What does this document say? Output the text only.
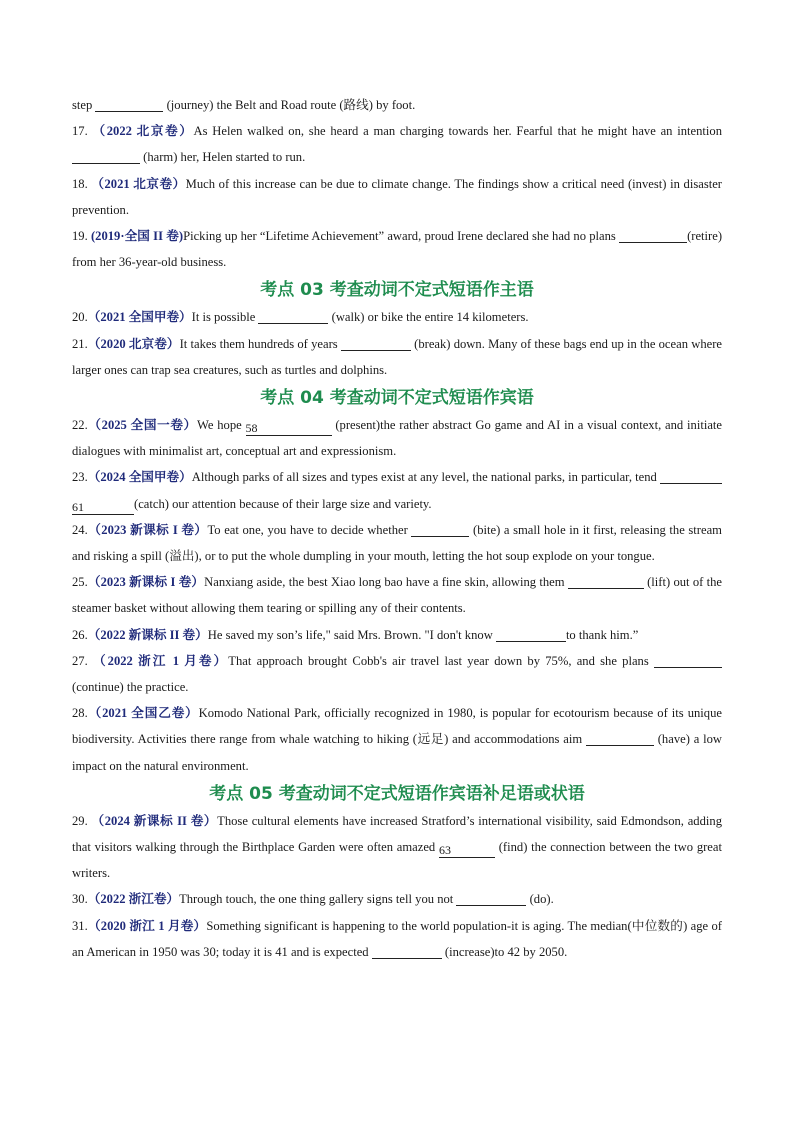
step	(journey) the Belt and Road route (路线) by foot.

17. （2022 北京卷）As Helen walked on, she heard a man charging towards her. Fearful that he might have an intention  (harm) her, Helen started to run.

18. （2021 北京卷）Much of this increase can be due to climate change. The findings show a critical need (invest) in disaster prevention.

19. (2019·全国 II 卷)Picking up her “Lifetime Achievement” award, proud Irene declared she had no plans	(retire) from her 36-year-old business.

考点 03 考查动词不定式短语作主语

20.（2021 全国甲卷）It is possible	(walk) or bike the entire 14 kilometers.

21.（2020 北京卷）It takes them hundreds of years	(break) down. Many of these bags end up in the ocean where larger ones can trap sea creatures, such as turtles and dolphins.

考点 04 考查动词不定式短语作宾语

22.（2025 全国一卷）We hope 58	(present)the rather abstract Go game and AI in a visual context, and initiate dialogues with minimalist art, conceptual art and expressionism.

23.（2024 全国甲卷）Although parks of all sizes and types exist at any level, the national parks, in particular, tend  61	(catch) our attention because of their large size and variety.

24.（2023 新课标 I 卷）To eat one, you have to decide whether	(bite) a small hole in it first, releasing the stream and risking a spill (溢出), or to put the whole dumpling in your mouth, letting the hot soup explode on your tongue.

25.（2023 新课标 I 卷）Nanxiang aside, the best Xiao long bao have a fine skin, allowing them	(lift) out of the steamer basket without allowing them tearing or spilling any of their contents.

26.（2022 新课标 II 卷）He saved my son’s life," said Mrs. Brown. "I don't know	to thank him.”

27. （2022 浙江 1 月卷）That approach brought Cobb's air travel last year down by 75%, and she plans  (continue) the practice.

28.（2021 全国乙卷）Komodo National Park, officially recognized in 1980, is popular for ecotourism because of its unique biodiversity. Activities there range from whale watching to hiking (远足) and accommodations aim	(have) a low impact on the natural environment.

考点 05 考查动词不定式短语作宾语补足语或状语

29. （2024 新课标 II 卷）Those cultural elements have increased Stratford’s international visibility, said Edmondson, adding that visitors walking through the Birthplace Garden were often amazed 63	(find) the connection between the two great writers.

30.（2022 浙江卷）Through touch, the one thing gallery signs tell you not	(do).

31.（2020 浙江 1 月卷）Something significant is happening to the world population-it is aging. The median(中位数的) age of an American in 1950 was 30; today it is 41 and is expected	(increase)to 42 by 2050.
